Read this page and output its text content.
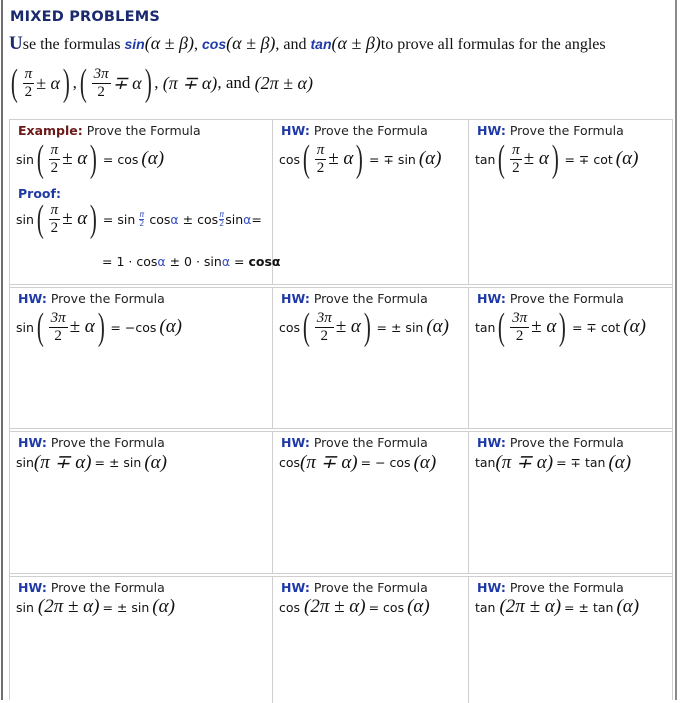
MIXED PROBLEMS
Use the formulas sin(α ± β), cos(α ± β), and tan(α ± β)to prove all formulas for the angles
( $\frac{\pi}{2} \pm \alpha$ ) , ( $\frac{3\pi}{2} \mp \alpha$ ) ,
(π ∓ α) , and
(2π ± α)
Example: Prove the Formula
sin ( $\frac{\pi}{2} \pm \alpha$ ) = cos (α)
Proof:
sin ( $\frac{\pi}{2} \pm \alpha$ ) = sin π
2
cos α
± cos π
2 sin α =
= 1 · cosα ± 0 · sinα = cosα
HW: Prove the Formula
cos ( $\frac{\pi}{2} \pm \alpha$ ) = ∓ sin (α)
HW: Prove the Formula
tan ( $\frac{\pi}{2} \pm \alpha$ ) = ∓ cot (α)
HW: Prove the Formula
sin ( $\frac{3\pi}{2} \pm \alpha$ ) = −cos (α)
HW: Prove the Formula
cos ( $\frac{3\pi}{2} \pm \alpha$ ) = ± sin (α)
HW: Prove the Formula
tan ( $\frac{3\pi}{2} \pm \alpha$ ) = ∓ cot (α)
HW: Prove the Formula
sin (π ∓ α) = ± sin (α)
HW: Prove the Formula
cos (π ∓ α) = − cos (α)
HW: Prove the Formula
tan (π ∓ α) = ∓ tan (α)
HW: Prove the Formula
sin
(2π ± α) = ± sin (α)
HW: Prove the Formula
cos
(2π ± α) = cos (α)
HW: Prove the Formula
tan
(2π ± α) = ± tan (α)
